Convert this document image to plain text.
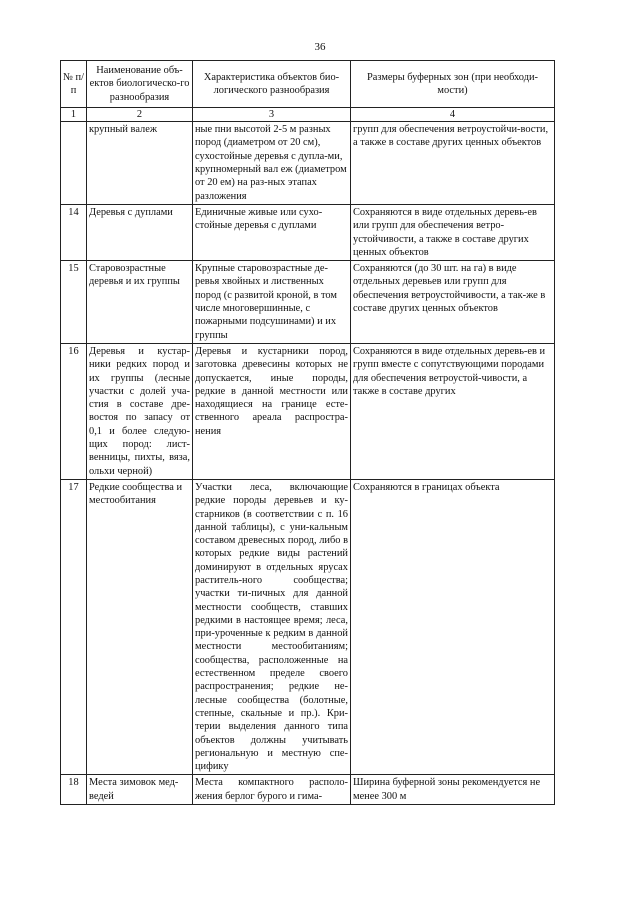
36
№ п/п	Наименование объ-ектов биологическо-го разнообразия	Характеристика объектов био-логического разнообразия	Размеры буферных зон (при необходи-мости)
1	2	3	4
	крупный валеж	ные пни высотой 2-5 м разных пород (диаметром от 20 см), сухостойные деревья с дупла-ми, крупномерный вал еж (диаметром от 20 ем) на раз-ных этапах разложения	групп для обеспечения ветроустойчи-вости, а также в составе других ценных объектов
14	Деревья с дуплами	Единичные живые или сухо-стойные деревья с дуплами	Сохраняются в виде отдельных деревь-ев или групп для обеспечения ветро-устойчивости, а также в составе других ценных объектов
15	Старовозрастные деревья и их группы	Крупные старовозрастные де-ревья хвойных и лиственных пород (с развитой кроной, в том числе многовершинные, с пожарными подсушинами) и их группы	Сохраняются (до 30 шт. на га) в виде отдельных деревьев или групп для обеспечения ветроустойчивости, а так-же в составе других ценных объектов
16	Деревья и кустар-ники редких пород и их группы (лесные участки с долей уча-стия в составе дре-востоя по запасу от 0,1 и более следую-щих пород: лист-венницы, пихты, вяза, ольхи черной)	Деревья и кустарники пород, заготовка древесины которых не допускается, иные породы, редкие в данной местности или находящиеся на границе есте-ственного ареала распростра-нения	Сохраняются в виде отдельных деревь-ев и групп вместе с сопутствующими породами для обеспечения ветроустой-чивости, а также в составе других
17	Редкие сообщества и местообитания	Участки леса, включающие редкие породы деревьев и ку-старников (в соответствии с п. 16 данной таблицы), с уни-кальным составом древесных пород, либо в которых редкие виды растений доминируют в отдельных ярусах раститель-ного сообщества; участки ти-пичных для данной местности сообществ, ставших редкими в настоящее время; леса, при-уроченные к редким в данной местности местообитаниям; сообщества, расположенные на естественном пределе своего распространения; редкие не-лесные сообщества (болотные, степные, скальные и пр.). Кри-терии выделения данного типа объектов должны учитывать региональную и местную спе-цифику	Сохраняются в границах объекта
18	Места зимовок мед-ведей	Места компактного располо-жения берлог бурого и гима-	Ширина буферной зоны рекомендуется не менее 300 м
